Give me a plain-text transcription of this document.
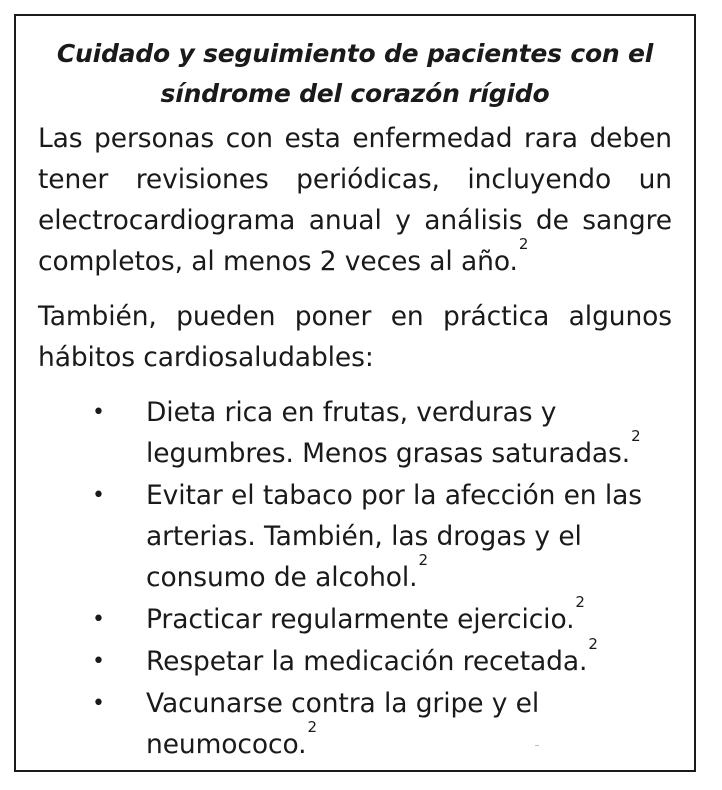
Cuidado y seguimiento de pacientes con el
síndrome del corazón rígido

Las personas con esta enfermedad rara deben tener revisiones periódicas, incluyendo un electrocardiograma anual y análisis de sangre completos, al menos 2 veces al año.$^2$

También, pueden poner en práctica algunos hábitos cardiosaludables:

• Dieta rica en frutas, verduras y legumbres. Menos grasas saturadas.$^2$
• Evitar el tabaco por la afección en las arterias. También, las drogas y el consumo de alcohol.$^2$
• Practicar regularmente ejercicio.$^2$
• Respetar la medicación recetada.$^2$
• Vacunarse contra la gripe y el neumococo.$^2$
